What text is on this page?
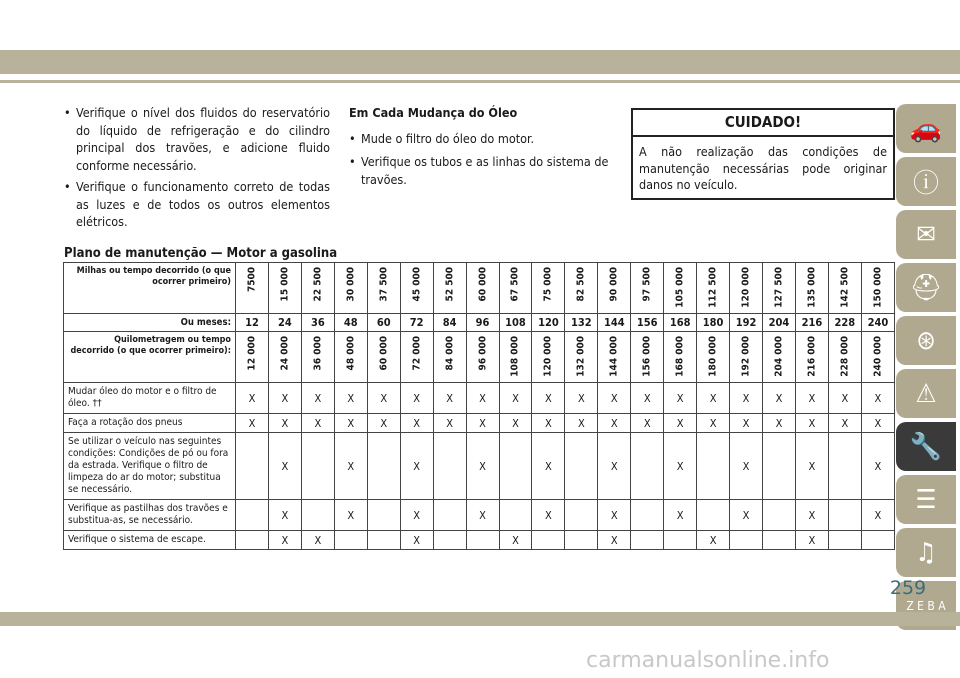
• Verifique o nível dos fluidos do reservatório do líquido de refrigeração e do cilindro principal dos travões, e adicione fluido conforme necessário.

• Verifique o funcionamento correto de todas as luzes e de todos os outros elementos elétricos.

Em Cada Mudança do Óleo

• Mude o filtro do óleo do motor.

• Verifique os tubos e as linhas do sistema de travões.

CUIDADO!
A não realização das condições de manutenção necessárias pode originar danos no veículo.
Plano de manutenção — Motor a gasolina
Milhas ou tempo decorrido (o que ocorrer primeiro)	7500	15 000	22 500	30 000	37 500	45 000	52 500	60 000	67 500	75 000	82 500	90 000	97 500	105 000	112 500	120 000	127 500	135 000	142 500	150 000

Ou meses:	12	24	36	48	60	72	84	96	108	120	132	144	156	168	180	192	204	216	228	240
Quilometragem ou tempo decorrido (o que ocorrer primeiro):	12 000	24 000	36 000	48 000	60 000	72 000	84 000	96 000	108 000	120 000	132 000	144 000	156 000	168 000	180 000	192 000	204 000	216 000	228 000	240 000

Mudar óleo do motor e o filtro de óleo. ††	X	X	X	X	X	X	X	X	X	X	X	X	X	X	X	X	X	X	X	X
Faça a rotação dos pneus	X	X	X	X	X	X	X	X	X	X	X	X	X	X	X	X	X	X	X	X
Se utilizar o veículo nas seguintes condições: Condições de pó ou fora da estrada. Verifique o filtro de limpeza do ar do motor; substitua se necessário.		X		X		X		X		X		X		X		X		X		X
Verifique as pastilhas dos travões e substitua-as, se necessário.		X		X		X		X		X		X		X		X		X		X
Verifique o sistema de escape.		X	X			X			X			X			X			X		
🚗
ⓘ
✉
⛑
⊛
⚠
🔧
☰
♫
Z E B A
259
carmanualsonline.info
